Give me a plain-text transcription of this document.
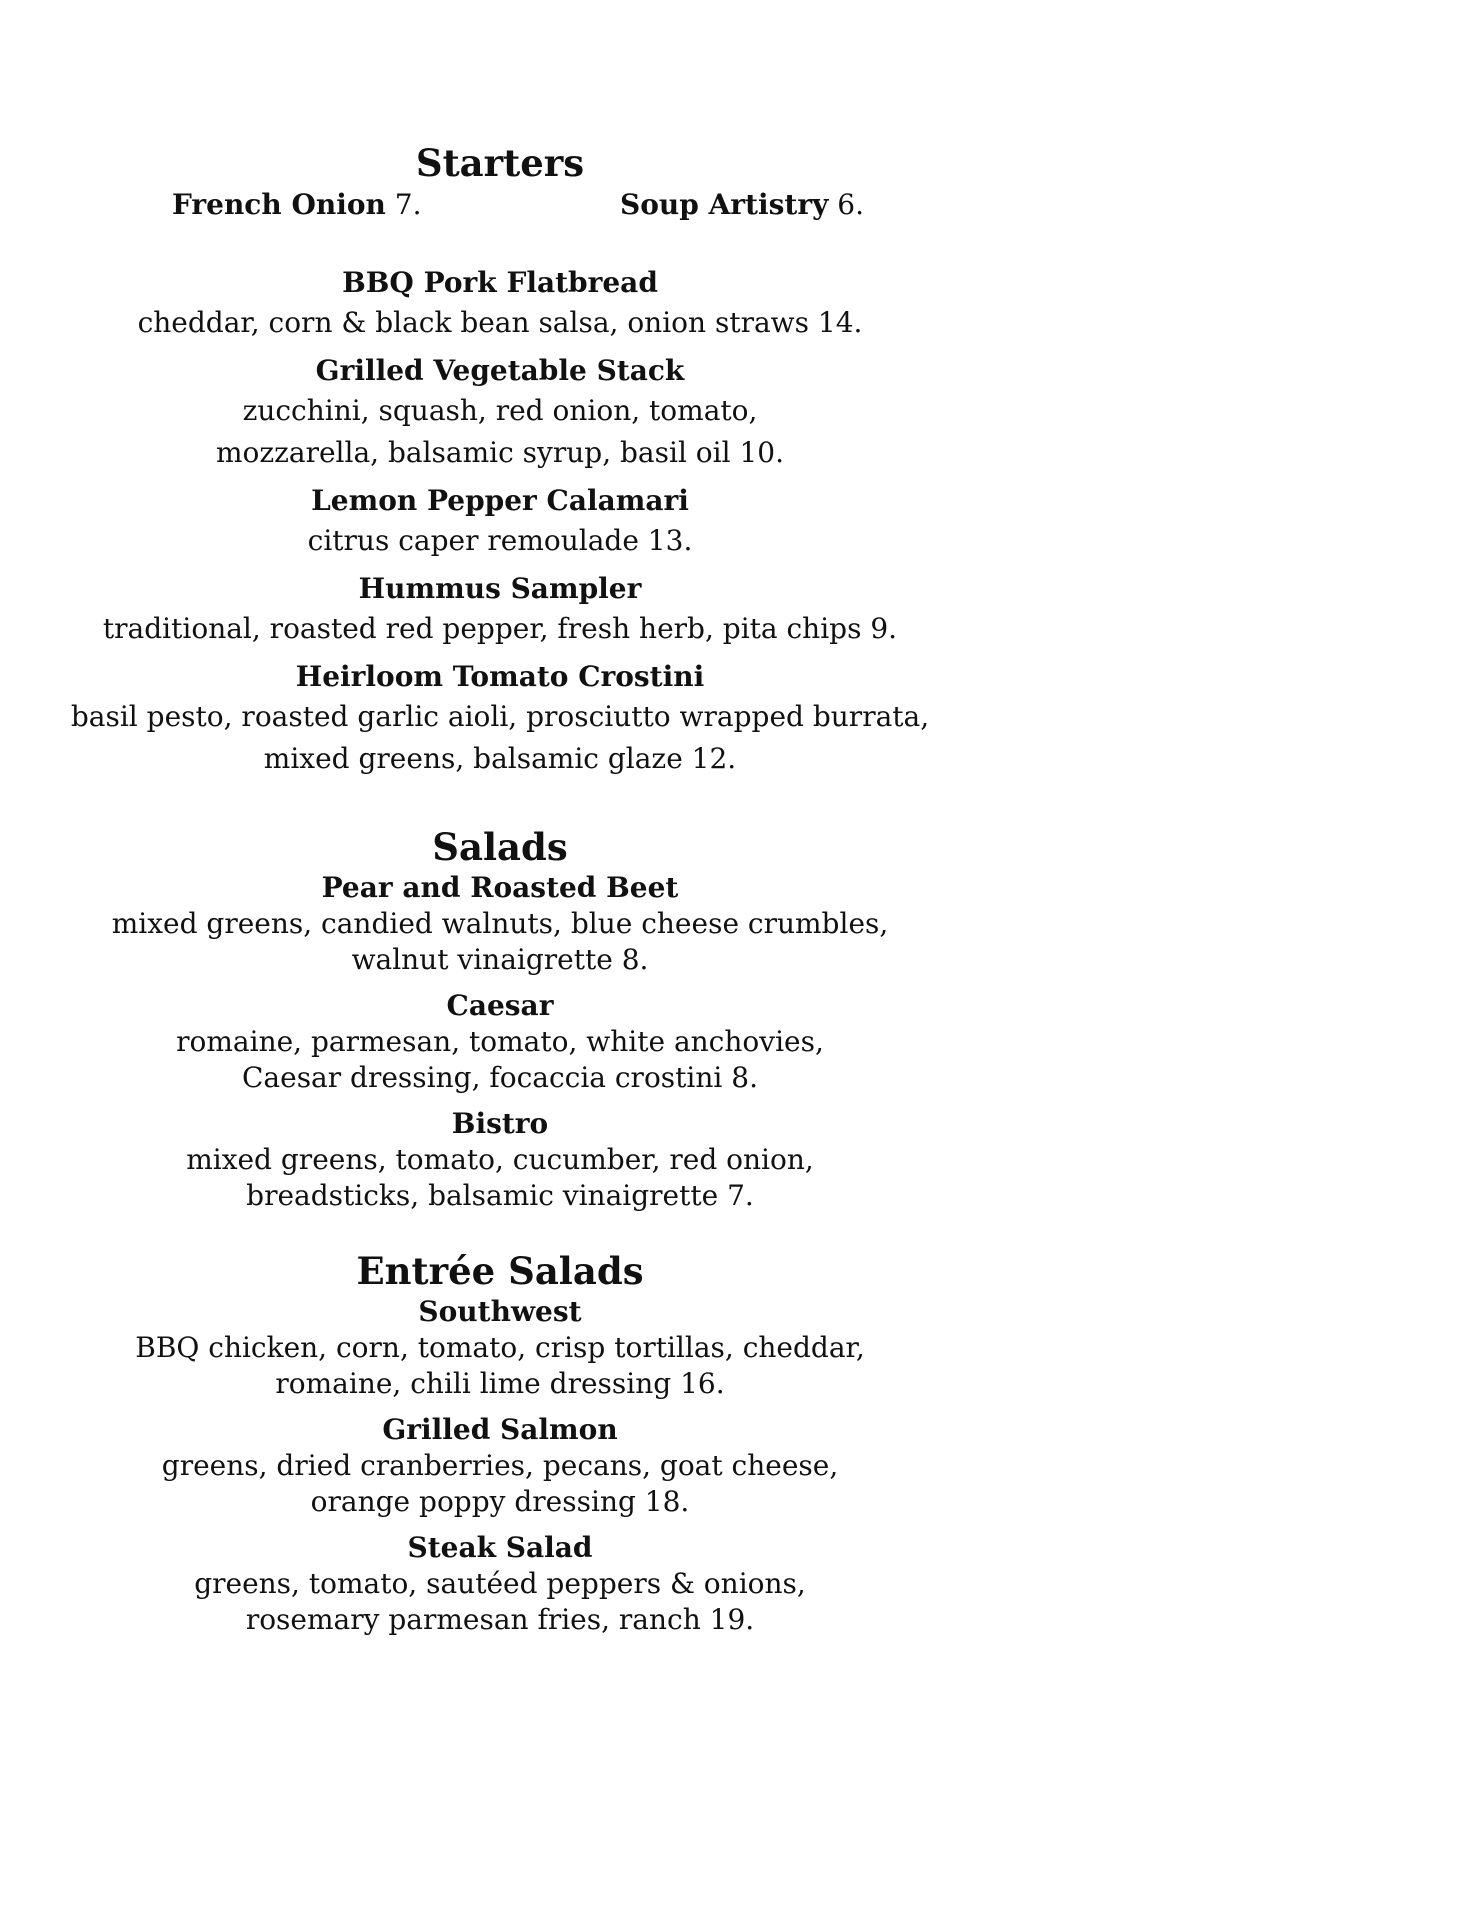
Starters
French Onion 7.	Soup Artistry 6.
BBQ Pork Flatbread
cheddar, corn & black bean salsa, onion straws 14.
Grilled Vegetable Stack
zucchini, squash, red onion, tomato,
mozzarella, balsamic syrup, basil oil 10.
Lemon Pepper Calamari
citrus caper remoulade 13.
Hummus Sampler
traditional, roasted red pepper, fresh herb, pita chips 9.
Heirloom Tomato Crostini
basil pesto, roasted garlic aioli, prosciutto wrapped burrata,
mixed greens, balsamic glaze 12.
Salads
Pear and Roasted Beet
mixed greens, candied walnuts, blue cheese crumbles,
walnut vinaigrette 8.
Caesar
romaine, parmesan, tomato, white anchovies,
Caesar dressing, focaccia crostini 8.
Bistro
mixed greens, tomato, cucumber, red onion,
breadsticks, balsamic vinaigrette 7.
Entrée Salads
Southwest
BBQ chicken, corn, tomato, crisp tortillas, cheddar,
romaine, chili lime dressing 16.
Grilled Salmon
greens, dried cranberries, pecans, goat cheese,
orange poppy dressing 18.
Steak Salad
greens, tomato, sautéed peppers & onions,
rosemary parmesan fries, ranch 19.
